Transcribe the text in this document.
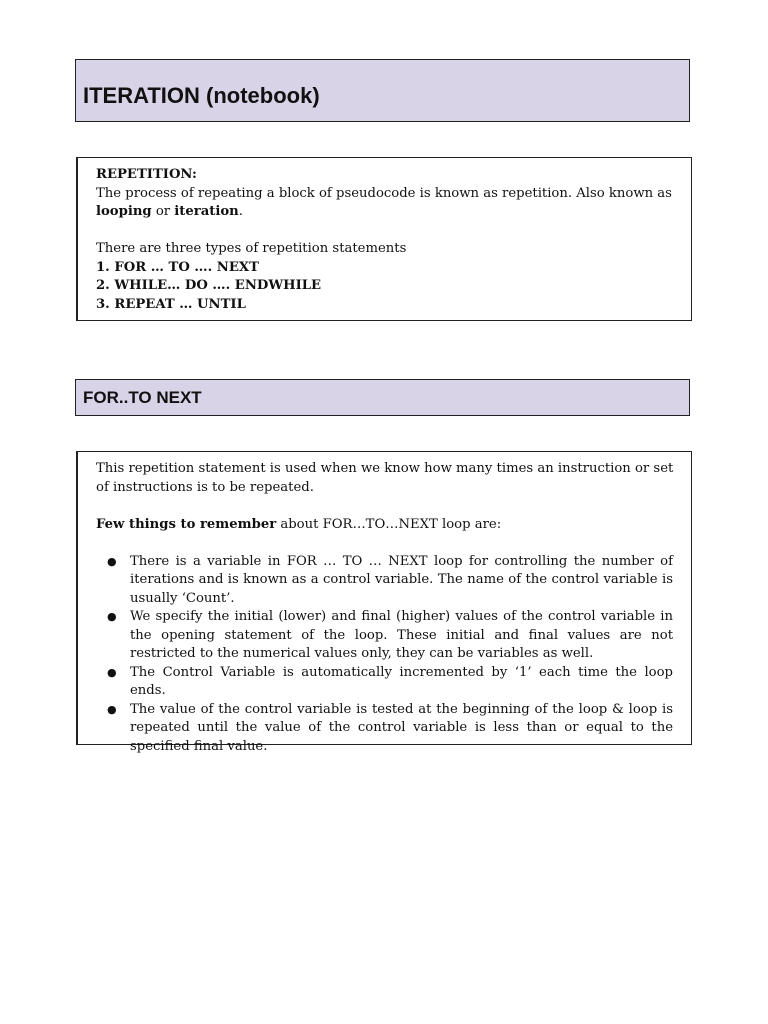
ITERATION (notebook)
REPETITION:
The process of repeating a block of pseudocode is known as repetition. Also known as
looping or iteration.
There are three types of repetition statements
1. FOR … TO …. NEXT
2. WHILE… DO …. ENDWHILE
3. REPEAT … UNTIL
FOR..TO NEXT
This repetition statement is used when we know how many times an instruction or set
of instructions is to be repeated.
Few things to remember about FOR…TO…NEXT loop are:
● There is a variable in FOR … TO … NEXT loop for controlling the number of iterations and is known as a control variable. The name of the control variable is usually ‘Count’.
● We specify the initial (lower) and final (higher) values of the control variable in the opening statement of the loop. These initial and final values are not restricted to the numerical values only, they can be variables as well.
● The Control Variable is automatically incremented by ‘1’ each time the loop ends.
● The value of the control variable is tested at the beginning of the loop & loop is repeated until the value of the control variable is less than or equal to the specified final value.
